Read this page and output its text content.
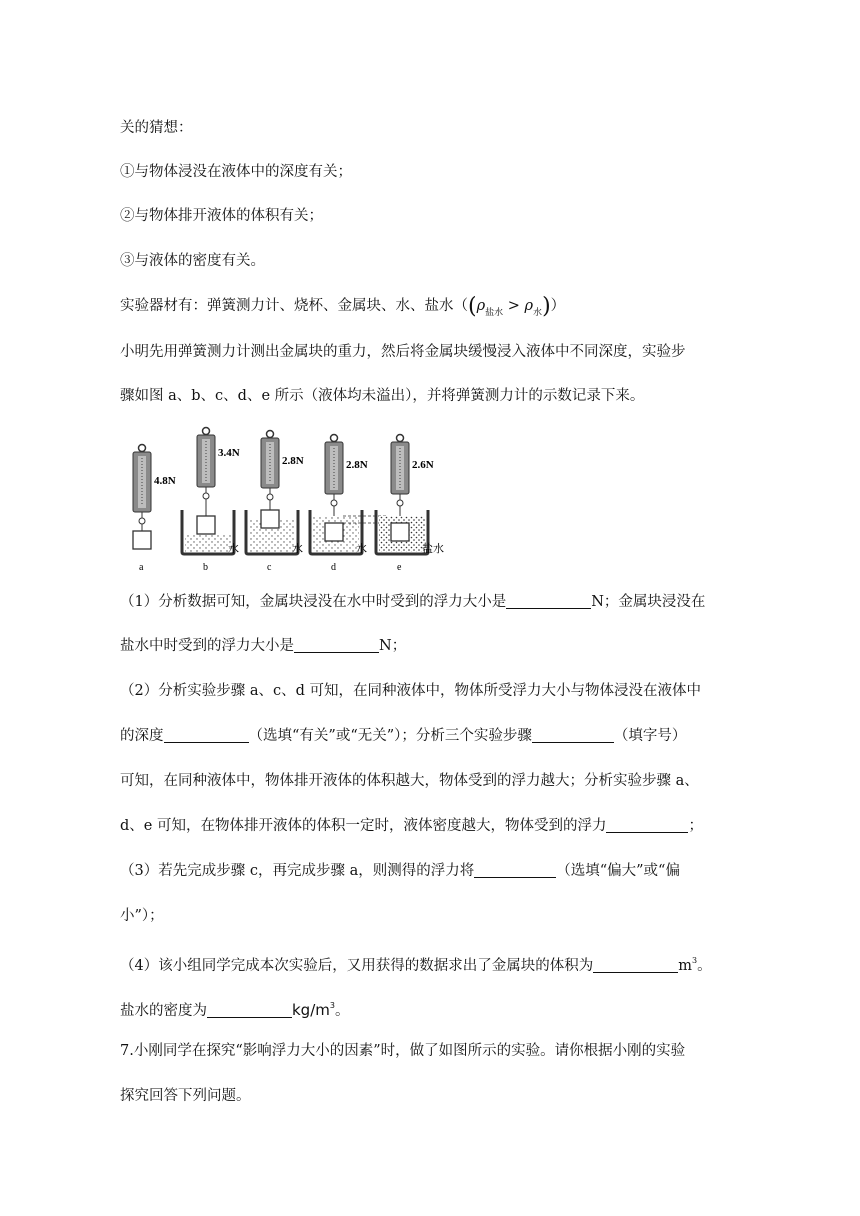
关的猜想：
①与物体浸没在液体中的深度有关；
②与物体排开液体的体积有关；
③与液体的密度有关。
实验器材有：弹簧测力计、烧杯、金属块、水、盐水$((\rho_{盐水} > \rho_水))$
小明先用弹簧测力计测出金属块的重力，然后将金属块缓慢浸入液体中不同深度，实验步
骤如图 a、b、c、d、e 所示（液体均未溢出），并将弹簧测力计的示数记录下来。
4.8N
a
3.4N
水
b
2.8N
水
c
2.8N
水
d
2.6N
盐水
e
（1）分析数据可知，金属块浸没在水中时受到的浮力大小是	N；金属块浸没在
盐水中时受到的浮力大小是	N；
（2）分析实验步骤 a、c、d 可知，在同种液体中，物体所受浮力大小与物体浸没在液体中
的深度	（选填“有关”或“无关”）；分析三个实验步骤	（填字号）
可知，在同种液体中，物体排开液体的体积越大，物体受到的浮力越大；分析实验步骤 a、
d、e 可知，在物体排开液体的体积一定时，液体密度越大，物体受到的浮力	；
（3）若先完成步骤 c，再完成步骤 a，则测得的浮力将	（选填“偏大”或“偏
小”）；
（4）该小组同学完成本次实验后，又用获得的数据求出了金属块的体积为	$m^3$。
盐水的密度为	$kg/m^3$。
7.小刚同学在探究“影响浮力大小的因素”时，做了如图所示的实验。请你根据小刚的实验
探究回答下列问题。
